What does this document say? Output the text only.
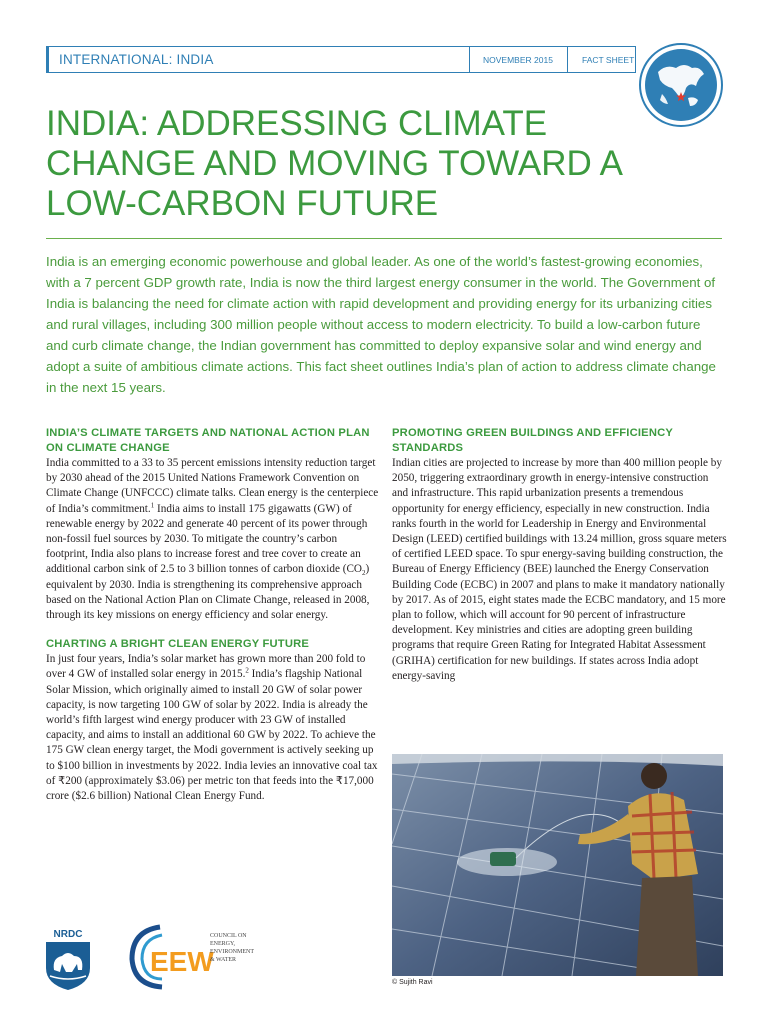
INTERNATIONAL: INDIA	NOVEMBER 2015	FACT SHEET
INDIA: ADDRESSING CLIMATE CHANGE AND MOVING TOWARD A LOW-CARBON FUTURE
India is an emerging economic powerhouse and global leader. As one of the world’s fastest-growing economies, with a 7 percent GDP growth rate, India is now the third largest energy consumer in the world. The Government of India is balancing the need for climate action with rapid development and providing energy for its urbanizing cities and rural villages, including 300 million people without access to modern electricity. To build a low-carbon future and curb climate change, the Indian government has committed to deploy expansive solar and wind energy and adopt a suite of ambitious climate actions. This fact sheet outlines India’s plan of action to address climate change in the next 15 years.
INDIA’S CLIMATE TARGETS AND NATIONAL ACTION PLAN ON CLIMATE CHANGE
India committed to a 33 to 35 percent emissions intensity reduction target by 2030 ahead of the 2015 United Nations Framework Convention on Climate Change (UNFCCC) climate talks. Clean energy is the centerpiece of India’s commitment.$^1$ India aims to install 175 gigawatts (GW) of renewable energy by 2022 and generate 40 percent of its power through non-fossil fuel sources by 2030. To mitigate the country’s carbon footprint, India also plans to increase forest and tree cover to create an additional carbon sink of 2.5 to 3 billion tonnes of carbon dioxide $(CO_2)$ equivalent by 2030. India is strengthening its comprehensive approach based on the National Action Plan on Climate Change, released in 2008, through its key missions on energy efficiency and solar energy.
CHARTING A BRIGHT CLEAN ENERGY FUTURE
In just four years, India’s solar market has grown more than 200 fold to over 4 GW of installed solar energy in 2015.$^2$ India’s flagship National Solar Mission, which originally aimed to install 20 GW of solar power capacity, is now targeting 100 GW of solar by 2022. India is already the world’s fifth largest wind energy producer with 23 GW of installed capacity, and aims to install an additional 60 GW by 2022. To achieve the 175 GW clean energy target, the Modi government is actively seeking up to $100 billion in investments by 2022. India levies an innovative coal tax of ₹200 (approximately $3.06) per metric ton that feeds into the ₹17,000 crore ($2.6 billion) National Clean Energy Fund.
PROMOTING GREEN BUILDINGS AND EFFICIENCY STANDARDS
Indian cities are projected to increase by more than 400 million people by 2050, triggering extraordinary growth in energy-intensive construction and infrastructure. This rapid urbanization presents a tremendous opportunity for energy efficiency, especially in new construction. India ranks fourth in the world for Leadership in Energy and Environmental Design (LEED) certified buildings with 13.24 million, gross square meters of certified LEED space. To spur energy-saving building construction, the Bureau of Energy Efficiency (BEE) launched the Energy Conservation Building Code (ECBC) in 2007 and plans to make it mandatory nationally by 2017. As of 2015, eight states made the ECBC mandatory, and 15 more plan to follow, which will account for 90 percent of infrastructure development. Key ministries and cities are adopting green building programs that require Green Rating for Integrated Habitat Assessment (GRIHA) certification for new buildings. If states across India adopt energy-saving
© Sujith Ravi
NRDC
EEW
COUNCIL ON
ENERGY,
ENVIRONMENT
& WATER
